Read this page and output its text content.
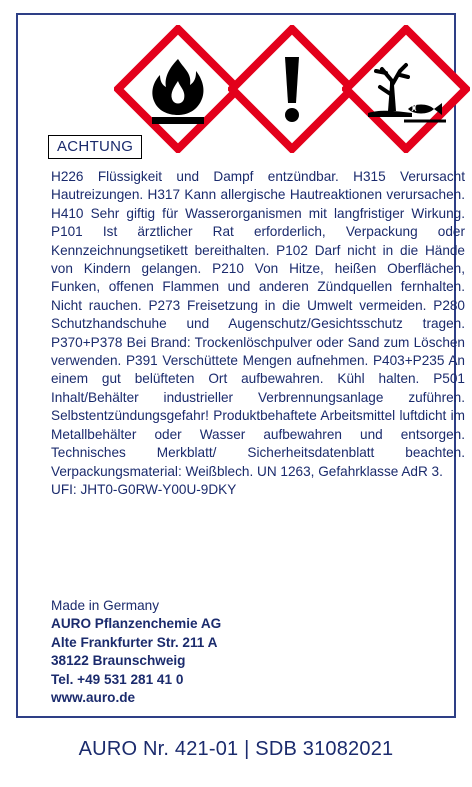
ACHTUNG

H226 Flüssigkeit und Dampf entzündbar. H315 Verursacht Hautreizungen. H317 Kann allergische Hautreaktionen verursachen. H410 Sehr giftig für Wasserorganismen mit langfristiger Wirkung. P101 Ist ärztlicher Rat erforderlich, Verpackung oder Kennzeichnungsetikett bereithalten. P102 Darf nicht in die Hände von Kindern gelangen. P210 Von Hitze, heißen Oberflächen, Funken, offenen Flammen und anderen Zündquellen fernhalten. Nicht rauchen. P273 Freisetzung in die Umwelt vermeiden. P280 Schutzhandschuhe und Augenschutz/Gesichtsschutz tragen. P370+P378 Bei Brand: Trockenlöschpulver oder Sand zum Löschen verwenden. P391 Verschüttete Mengen aufnehmen. P403+P235 An einem gut belüfteten Ort aufbewahren. Kühl halten. P501 Inhalt/Behälter industrieller Verbrennungsanlage zuführen. Selbstentzündungsgefahr! Produktbehaftete Arbeitsmittel luftdicht im Metallbehälter oder Wasser aufbewahren und entsorgen. Technisches Merkblatt/ Sicherheitsdatenblatt beachten. Verpackungsmaterial: Weißblech. UN 1263, Gefahrklasse AdR 3.

UFI: JHT0-G0RW-Y00U-9DKY

Made in Germany
AURO Pflanzenchemie AG
Alte Frankfurter Str. 211 A
38122 Braunschweig
Tel. +49 531 281 41 0
www.auro.de
AURO Nr. 421-01 | SDB 31082021
